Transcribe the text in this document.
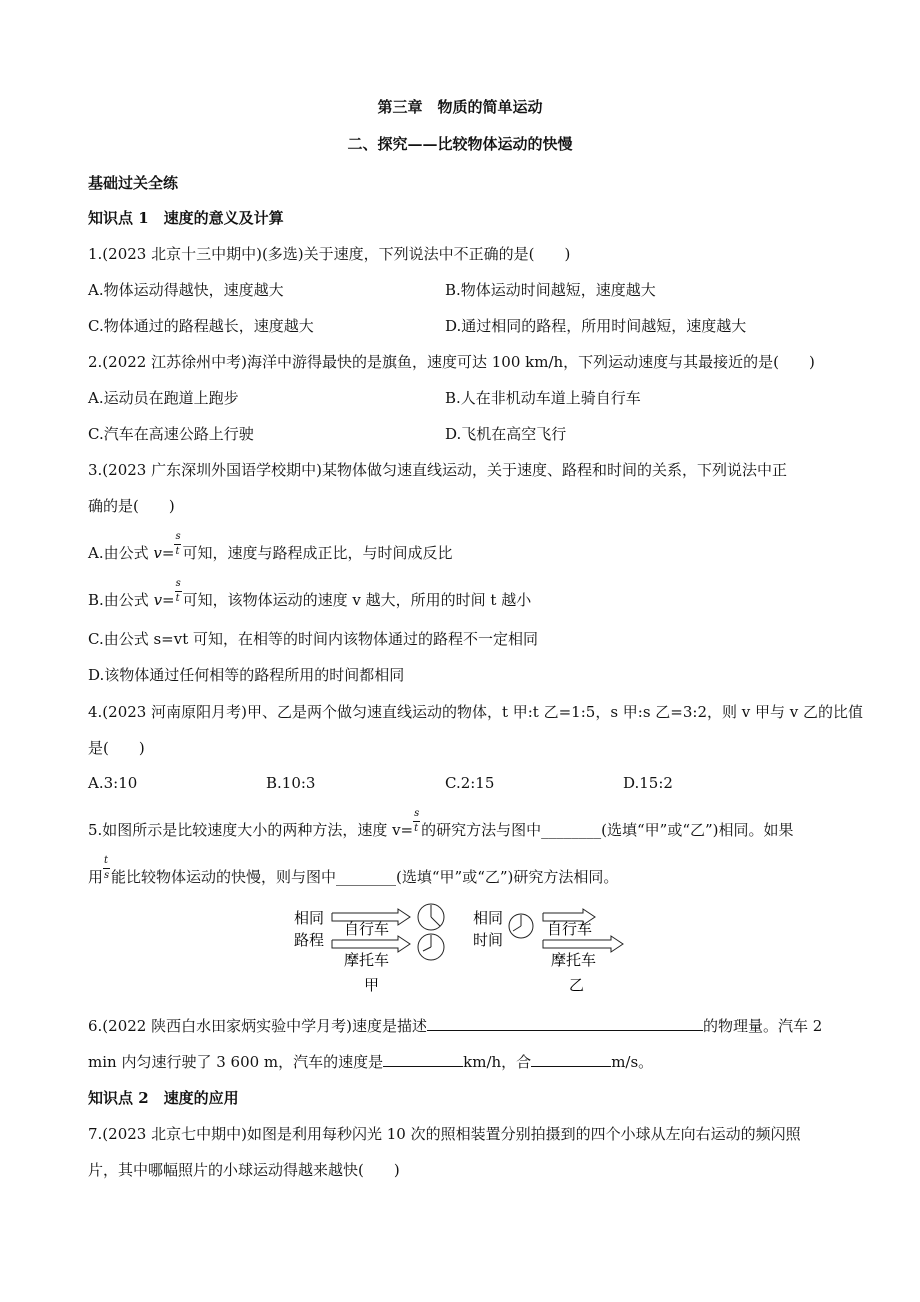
第三章　物质的简单运动
二、探究——比较物体运动的快慢
基础过关全练
知识点 1　速度的意义及计算
1.(2023 北京十三中期中)(多选)关于速度，下列说法中不正确的是(　　)
A.物体运动得越快，速度越大	B.物体运动时间越短，速度越大
C.物体通过的路程越长，速度越大	D.通过相同的路程，所用时间越短，速度越大
2.(2022 江苏徐州中考)海洋中游得最快的是旗鱼，速度可达 100 km/h，下列运动速度与其最接近的是(　　)
A.运动员在跑道上跑步	B.人在非机动车道上骑自行车
C.汽车在高速公路上行驶	D.飞机在高空飞行
3.(2023 广东深圳外国语学校期中)某物体做匀速直线运动，关于速度、路程和时间的关系，下列说法中正
确的是(　　)
A.由公式 $v= \frac{s}{t}$ 可知，速度与路程成正比，与时间成反比
B.由公式 $v= \frac{s}{t}$ 可知，该物体运动的速度 v 越大，所用的时间 t 越小
C.由公式 s=vt 可知，在相等的时间内该物体通过的路程不一定相同
D.该物体通过任何相等的路程所用的时间都相同
4.(2023 河南原阳月考)甲、乙是两个做匀速直线运动的物体，t 甲:t 乙=1:5，s 甲:s 乙=3:2，则 v 甲与 v 乙的比值
是(　　)
A.3:10	B.10:3	C.2:15	D.15:2
5.如图所示是比较速度大小的两种方法，速度 $v= \frac{s}{t}$ 的研究方法与图中________(选填“甲”或“乙”)相同。如果
用 $\frac{t}{s}$ 能比较物体运动的快慢，则与图中________(选填“甲”或“乙”)研究方法相同。
相同
路程
自行车
摩托车
甲
相同
时间
自行车
摩托车
乙
6.(2022 陕西白水田家炳实验中学月考)速度是描述	的物理量。汽车 2
min 内匀速行驶了 3 600 m，汽车的速度是	km/h，合	m/s。
知识点 2　速度的应用
7.(2023 北京七中期中)如图是利用每秒闪光 10 次的照相装置分别拍摄到的四个小球从左向右运动的频闪照
片，其中哪幅照片的小球运动得越来越快(　　)
